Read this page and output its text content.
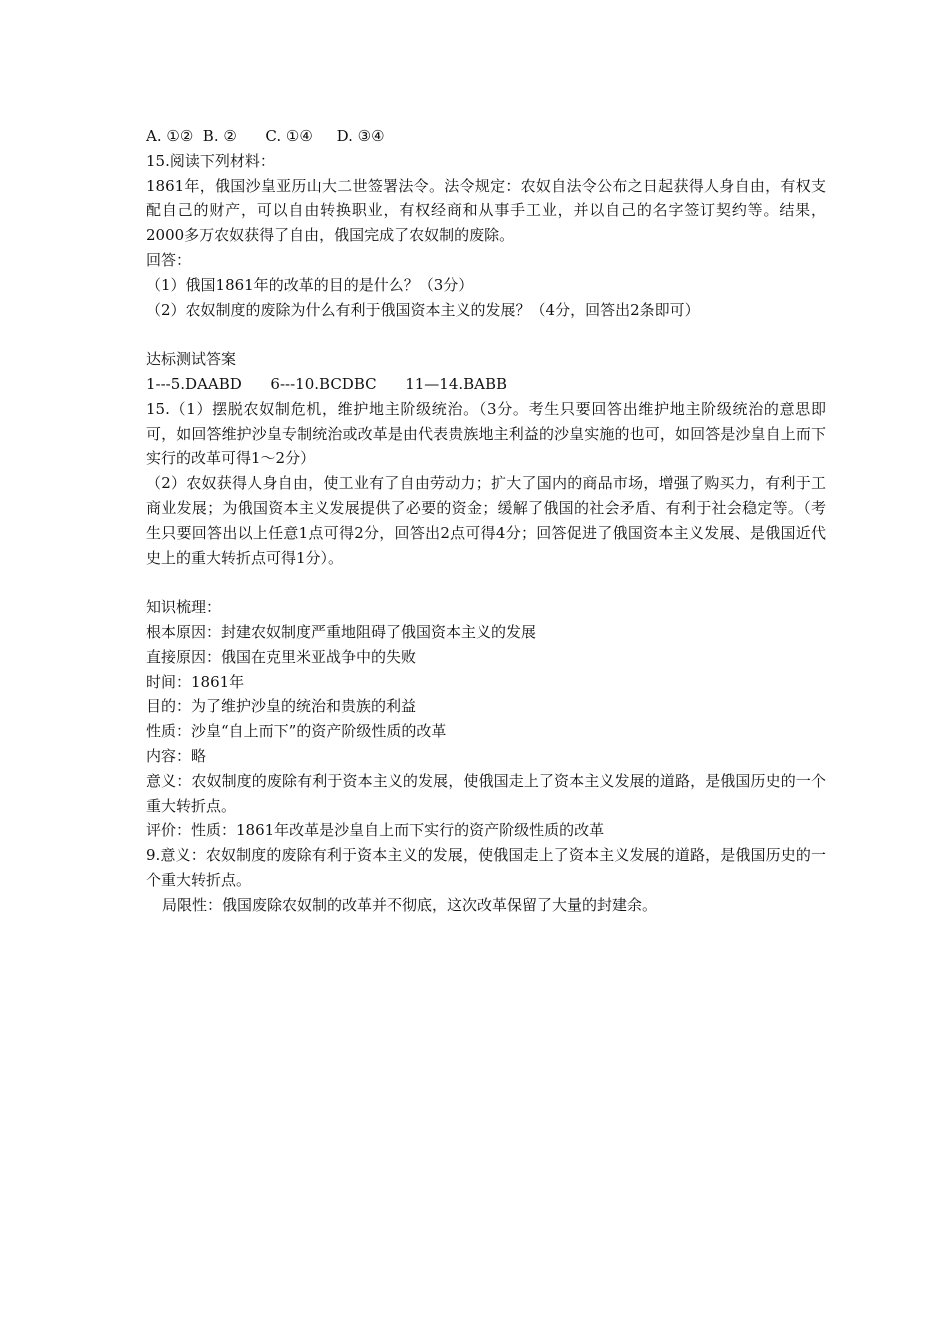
A. ①②  B. ②      C. ①④     D. ③④
15.阅读下列材料：
1861年，俄国沙皇亚历山大二世签署法令。法令规定：农奴自法令公布之日起获得人身自由，有权支配自己的财产，可以自由转换职业，有权经商和从事手工业，并以自己的名字签订契约等。结果，2000多万农奴获得了自由，俄国完成了农奴制的废除。
回答：
（1）俄国1861年的改革的目的是什么？（3分）
（2）农奴制度的废除为什么有利于俄国资本主义的发展？（4分，回答出2条即可）
达标测试答案
1---5.DAABD      6---10.BCDBC      11—14.BABB
15.（1）摆脱农奴制危机，维护地主阶级统治。（3分。考生只要回答出维护地主阶级统治的意思即可，如回答维护沙皇专制统治或改革是由代表贵族地主利益的沙皇实施的也可，如回答是沙皇自上而下实行的改革可得1～2分）
（2）农奴获得人身自由，使工业有了自由劳动力；扩大了国内的商品市场，增强了购买力，有利于工商业发展；为俄国资本主义发展提供了必要的资金；缓解了俄国的社会矛盾、有利于社会稳定等。（考生只要回答出以上任意1点可得2分，回答出2点可得4分；回答促进了俄国资本主义发展、是俄国近代史上的重大转折点可得1分）。
知识梳理：
根本原因：封建农奴制度严重地阻碍了俄国资本主义的发展
直接原因：俄国在克里米亚战争中的失败
时间：1861年
目的：为了维护沙皇的统治和贵族的利益
性质：沙皇“自上而下”的资产阶级性质的改革
内容：略
意义：农奴制度的废除有利于资本主义的发展，使俄国走上了资本主义发展的道路，是俄国历史的一个重大转折点。
评价：性质：1861年改革是沙皇自上而下实行的资产阶级性质的改革
9.意义：农奴制度的废除有利于资本主义的发展，使俄国走上了资本主义发展的道路，是俄国历史的一个重大转折点。
局限性：俄国废除农奴制的改革并不彻底，这次改革保留了大量的封建余。
